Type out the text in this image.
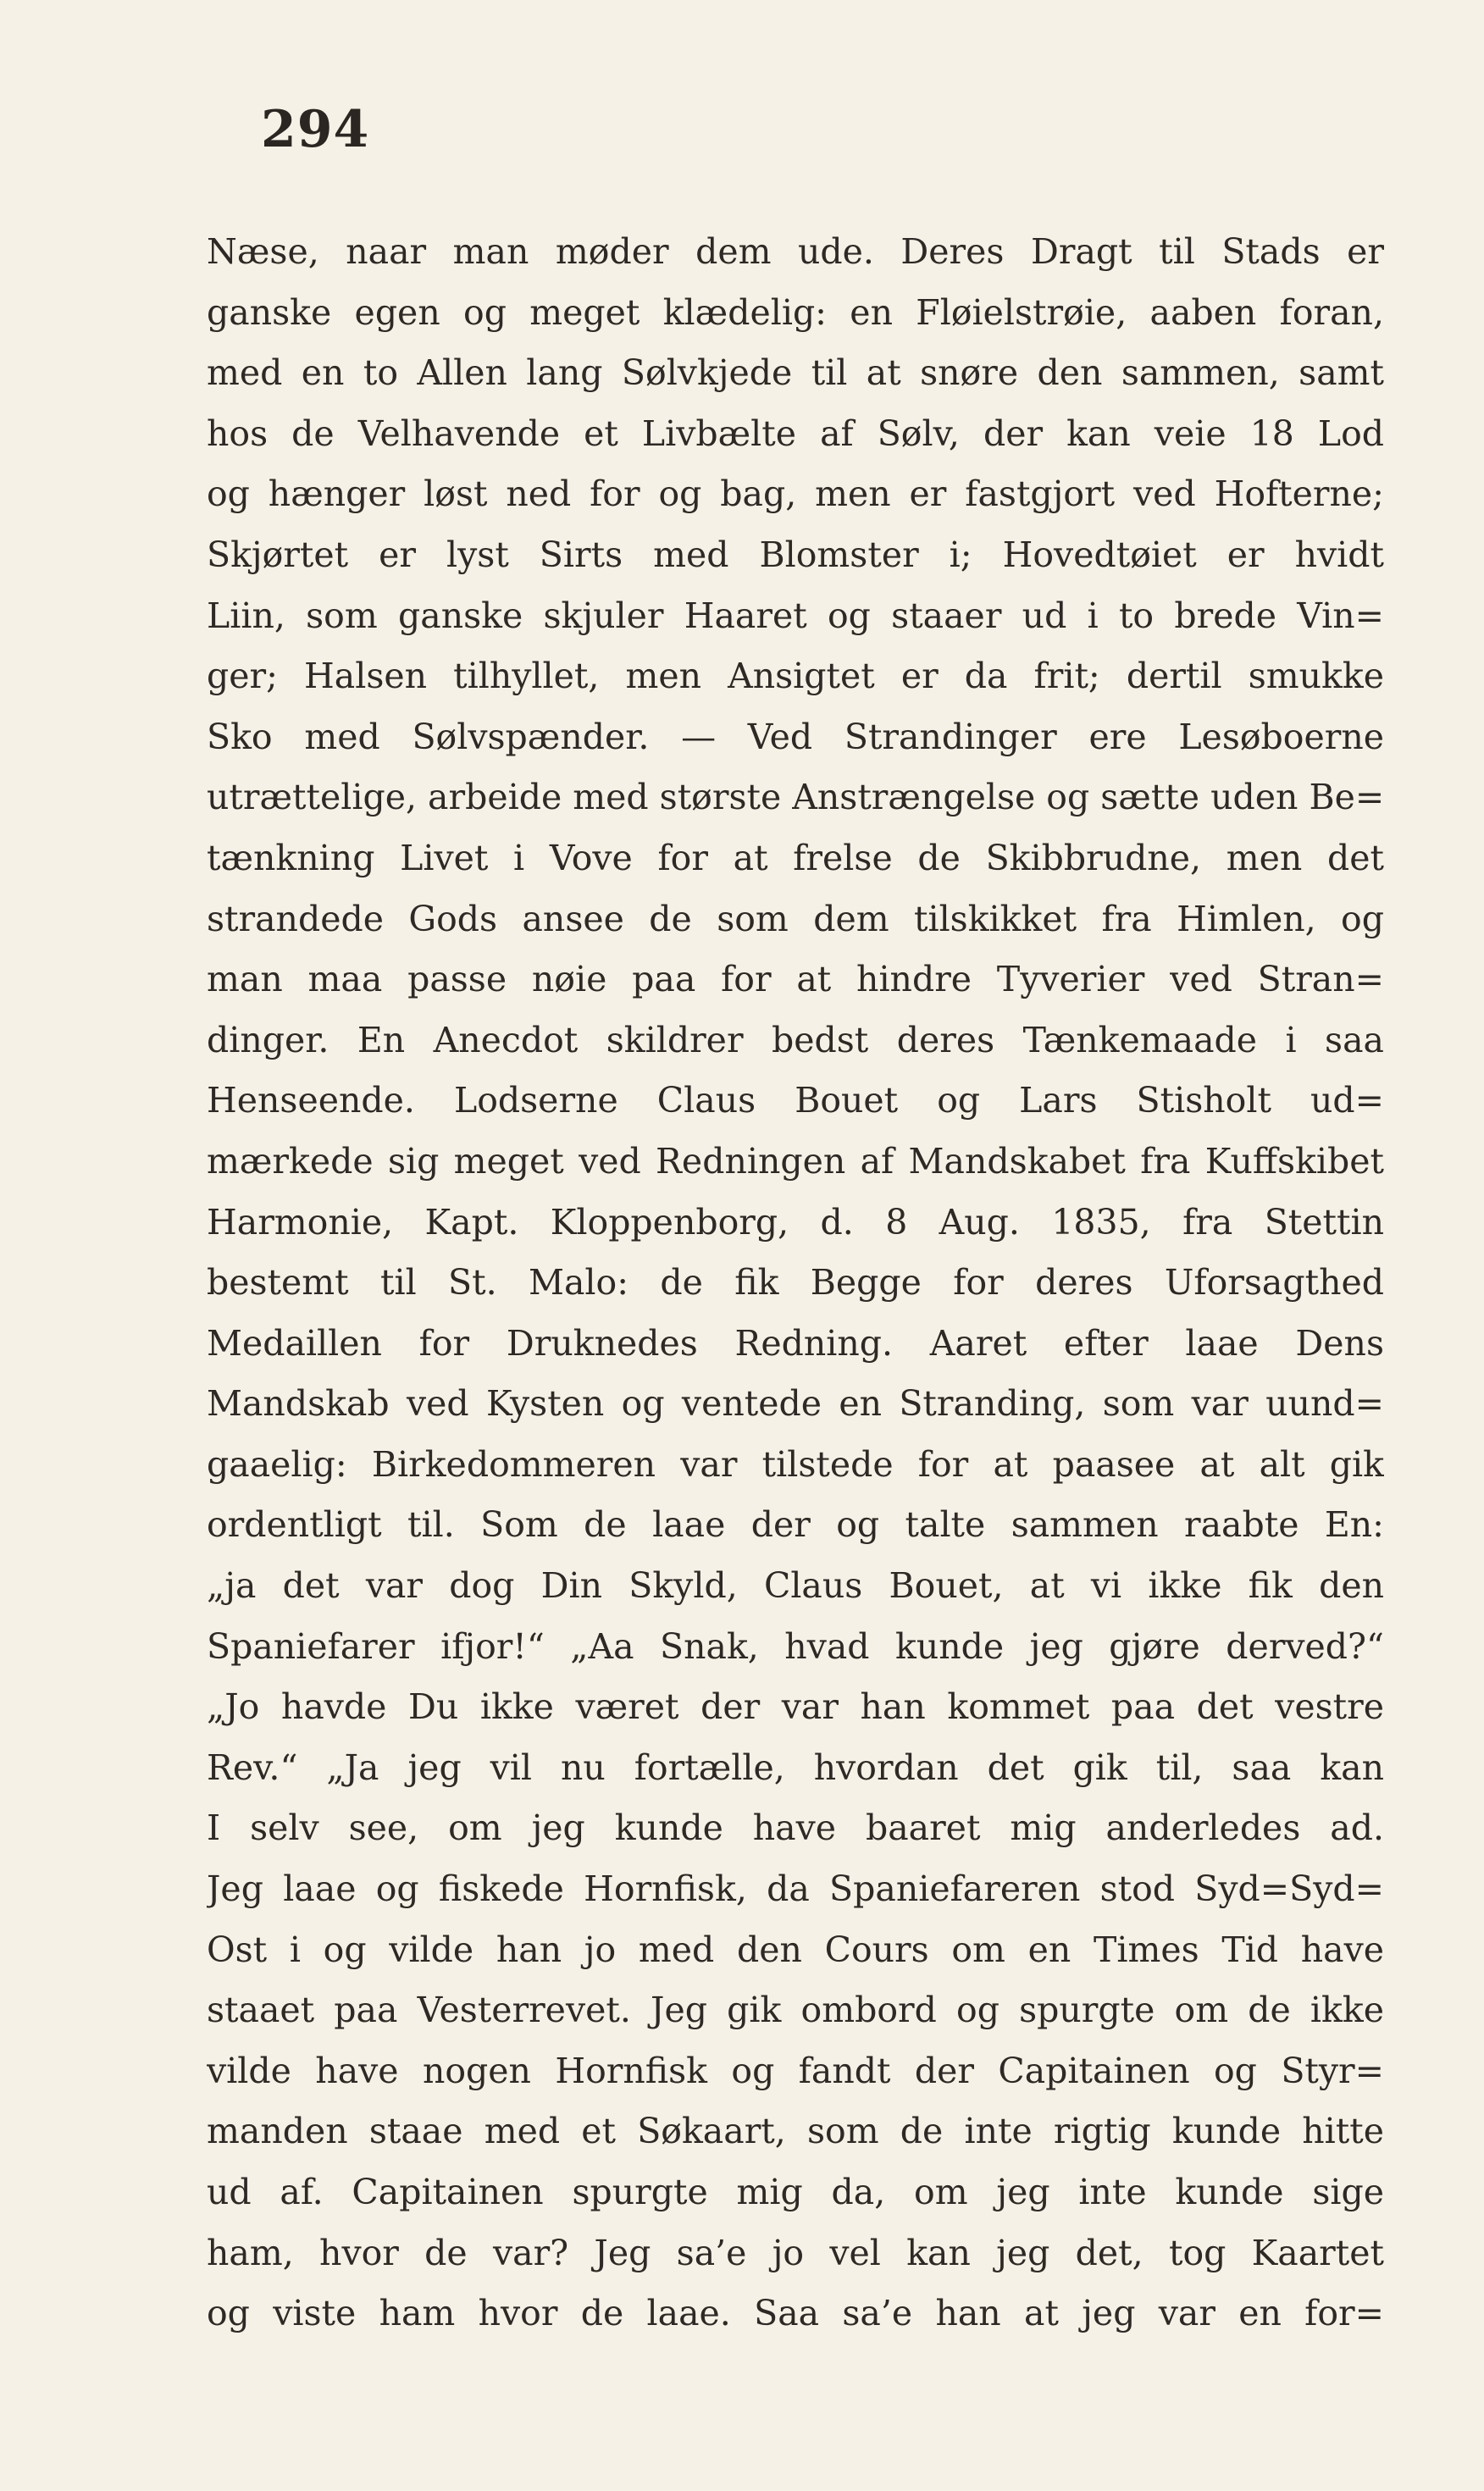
294
Næse, naar man møder dem ude. Deres Dragt til Stads er
ganske egen og meget klædelig: en Fløielstrøie, aaben foran,
med en to Allen lang Sølvkjede til at snøre den sammen, samt
hos de Velhavende et Livbælte af Sølv, der kan veie 18 Lod
og hænger løst ned for og bag, men er fastgjort ved Hofterne;
Skjørtet er lyst Sirts med Blomster i; Hovedtøiet er hvidt
Liin, som ganske skjuler Haaret og staaer ud i to brede Vin=
ger; Halsen tilhyllet, men Ansigtet er da frit; dertil smukke
Sko med Sølvspænder. — Ved Strandinger ere Lesøboerne
utrættelige, arbeide med største Anstrængelse og sætte uden Be=
tænkning Livet i Vove for at frelse de Skibbrudne, men det
strandede Gods ansee de som dem tilskikket fra Himlen, og
man maa passe nøie paa for at hindre Tyverier ved Stran=
dinger. En Anecdot skildrer bedst deres Tænkemaade i saa
Henseende. Lodserne Claus Bouet og Lars Stisholt ud=
mærkede sig meget ved Redningen af Mandskabet fra Kuffskibet
Harmonie, Kapt. Kloppenborg, d. 8 Aug. 1835, fra Stettin
bestemt til St. Malo: de fik Begge for deres Uforsagthed
Medaillen for Druknedes Redning. Aaret efter laae Dens
Mandskab ved Kysten og ventede en Stranding, som var uund=
gaaelig: Birkedommeren var tilstede for at paasee at alt gik
ordentligt til. Som de laae der og talte sammen raabte En:
„ja det var dog Din Skyld, Claus Bouet, at vi ikke fik den
Spaniefarer ifjor!“ „Aa Snak, hvad kunde jeg gjøre derved?“
„Jo havde Du ikke været der var han kommet paa det vestre
Rev.“ „Ja jeg vil nu fortælle, hvordan det gik til, saa kan
I selv see, om jeg kunde have baaret mig anderledes ad.
Jeg laae og fiskede Hornfisk, da Spaniefareren stod Syd=Syd=
Ost i og vilde han jo med den Cours om en Times Tid have
staaet paa Vesterrevet. Jeg gik ombord og spurgte om de ikke
vilde have nogen Hornfisk og fandt der Capitainen og Styr=
manden staae med et Søkaart, som de inte rigtig kunde hitte
ud af. Capitainen spurgte mig da, om jeg inte kunde sige
ham, hvor de var? Jeg sa’e jo vel kan jeg det, tog Kaartet
og viste ham hvor de laae. Saa sa’e han at jeg var en for=
